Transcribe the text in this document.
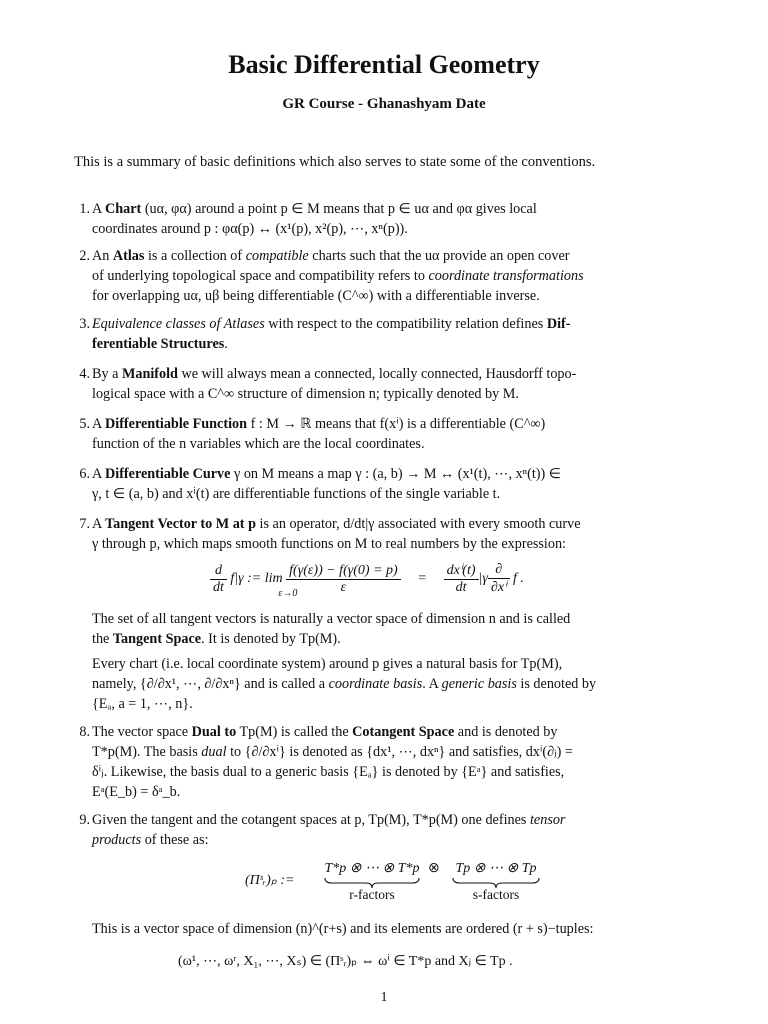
Basic Differential Geometry
GR Course - Ghanashyam Date
This is a summary of basic definitions which also serves to state some of the conventions.
1. A Chart (uα, φα) around a point p ∈ M means that p ∈ uα and φα gives local
coordinates around p : φα(p) ↔ (x¹(p), x²(p), ⋯, xⁿ(p)).
2. An Atlas is a collection of compatible charts such that the uα provide an open cover
of underlying topological space and compatibility refers to coordinate transformations
for overlapping uα, uβ being differentiable (C^∞) with a differentiable inverse.
3. Equivalence classes of Atlases with respect to the compatibility relation defines Dif-
ferentiable Structures.
4. By a Manifold we will always mean a connected, locally connected, Hausdorff topo-
logical space with a C^∞ structure of dimension n; typically denoted by M.
5. A Differentiable Function f : M → ℝ means that f(xⁱ) is a differentiable (C^∞)
function of the n variables which are the local coordinates.
6. A Differentiable Curve γ on M means a map γ : (a, b) → M ↔ (x¹(t), ⋯, xⁿ(t)) ∈
γ, t ∈ (a, b) and xⁱ(t) are differentiable functions of the single variable t.
7. A Tangent Vector to M at p is an operator, d/dt|γ associated with every smooth curve
γ through p, which maps smooth functions on M to real numbers by the expression:
$\frac{d}{dt} f|\gamma$ := lim
ε→0

$\frac{f(\gamma(\varepsilon)) - f(\gamma(0) = p)}{\varepsilon} = \frac{\text{dxⁱ(t)}}{dt} |\gamma \frac{\partial}{\text{∂xⁱ}}$ f .
The set of all tangent vectors is naturally a vector space of dimension n and is called
the Tangent Space. It is denoted by Tp(M).
Every chart (i.e. local coordinate system) around p gives a natural basis for Tp(M),
namely, {∂/∂x¹, ⋯, ∂/∂xⁿ} and is called a coordinate basis. A generic basis is denoted by
{Eₐ, a = 1, ⋯, n}.
8. The vector space Dual to Tp(M) is called the Cotangent Space and is denoted by
T*p(M). The basis dual to {∂/∂xⁱ} is denoted as {dx¹, ⋯, dxⁿ} and satisfies, dxⁱ(∂ⱼ) =
δⁱⱼ. Likewise, the basis dual to a generic basis {Eₐ} is denoted by {Eᵃ} and satisfies,
Eᵃ(E_b) = δᵃ_b.
9. Given the tangent and the cotangent spaces at p, Tp(M), T*p(M) one defines tensor
products of these as:
(Πˢᵣ)ₚ :=
T*p ⊗ ⋯ ⊗ T*p
r-factors
⊗ Tp ⊗ ⋯ ⊗ Tp
s-factors
This is a vector space of dimension (n)^(r+s) and its elements are ordered (r + s)−tuples:
(ω¹, ⋯, ωʳ, X₁, ⋯, Xₛ) ∈ (Πˢᵣ)ₚ ⇔ ωⁱ ∈ T*p and Xⱼ ∈ Tp .
1
